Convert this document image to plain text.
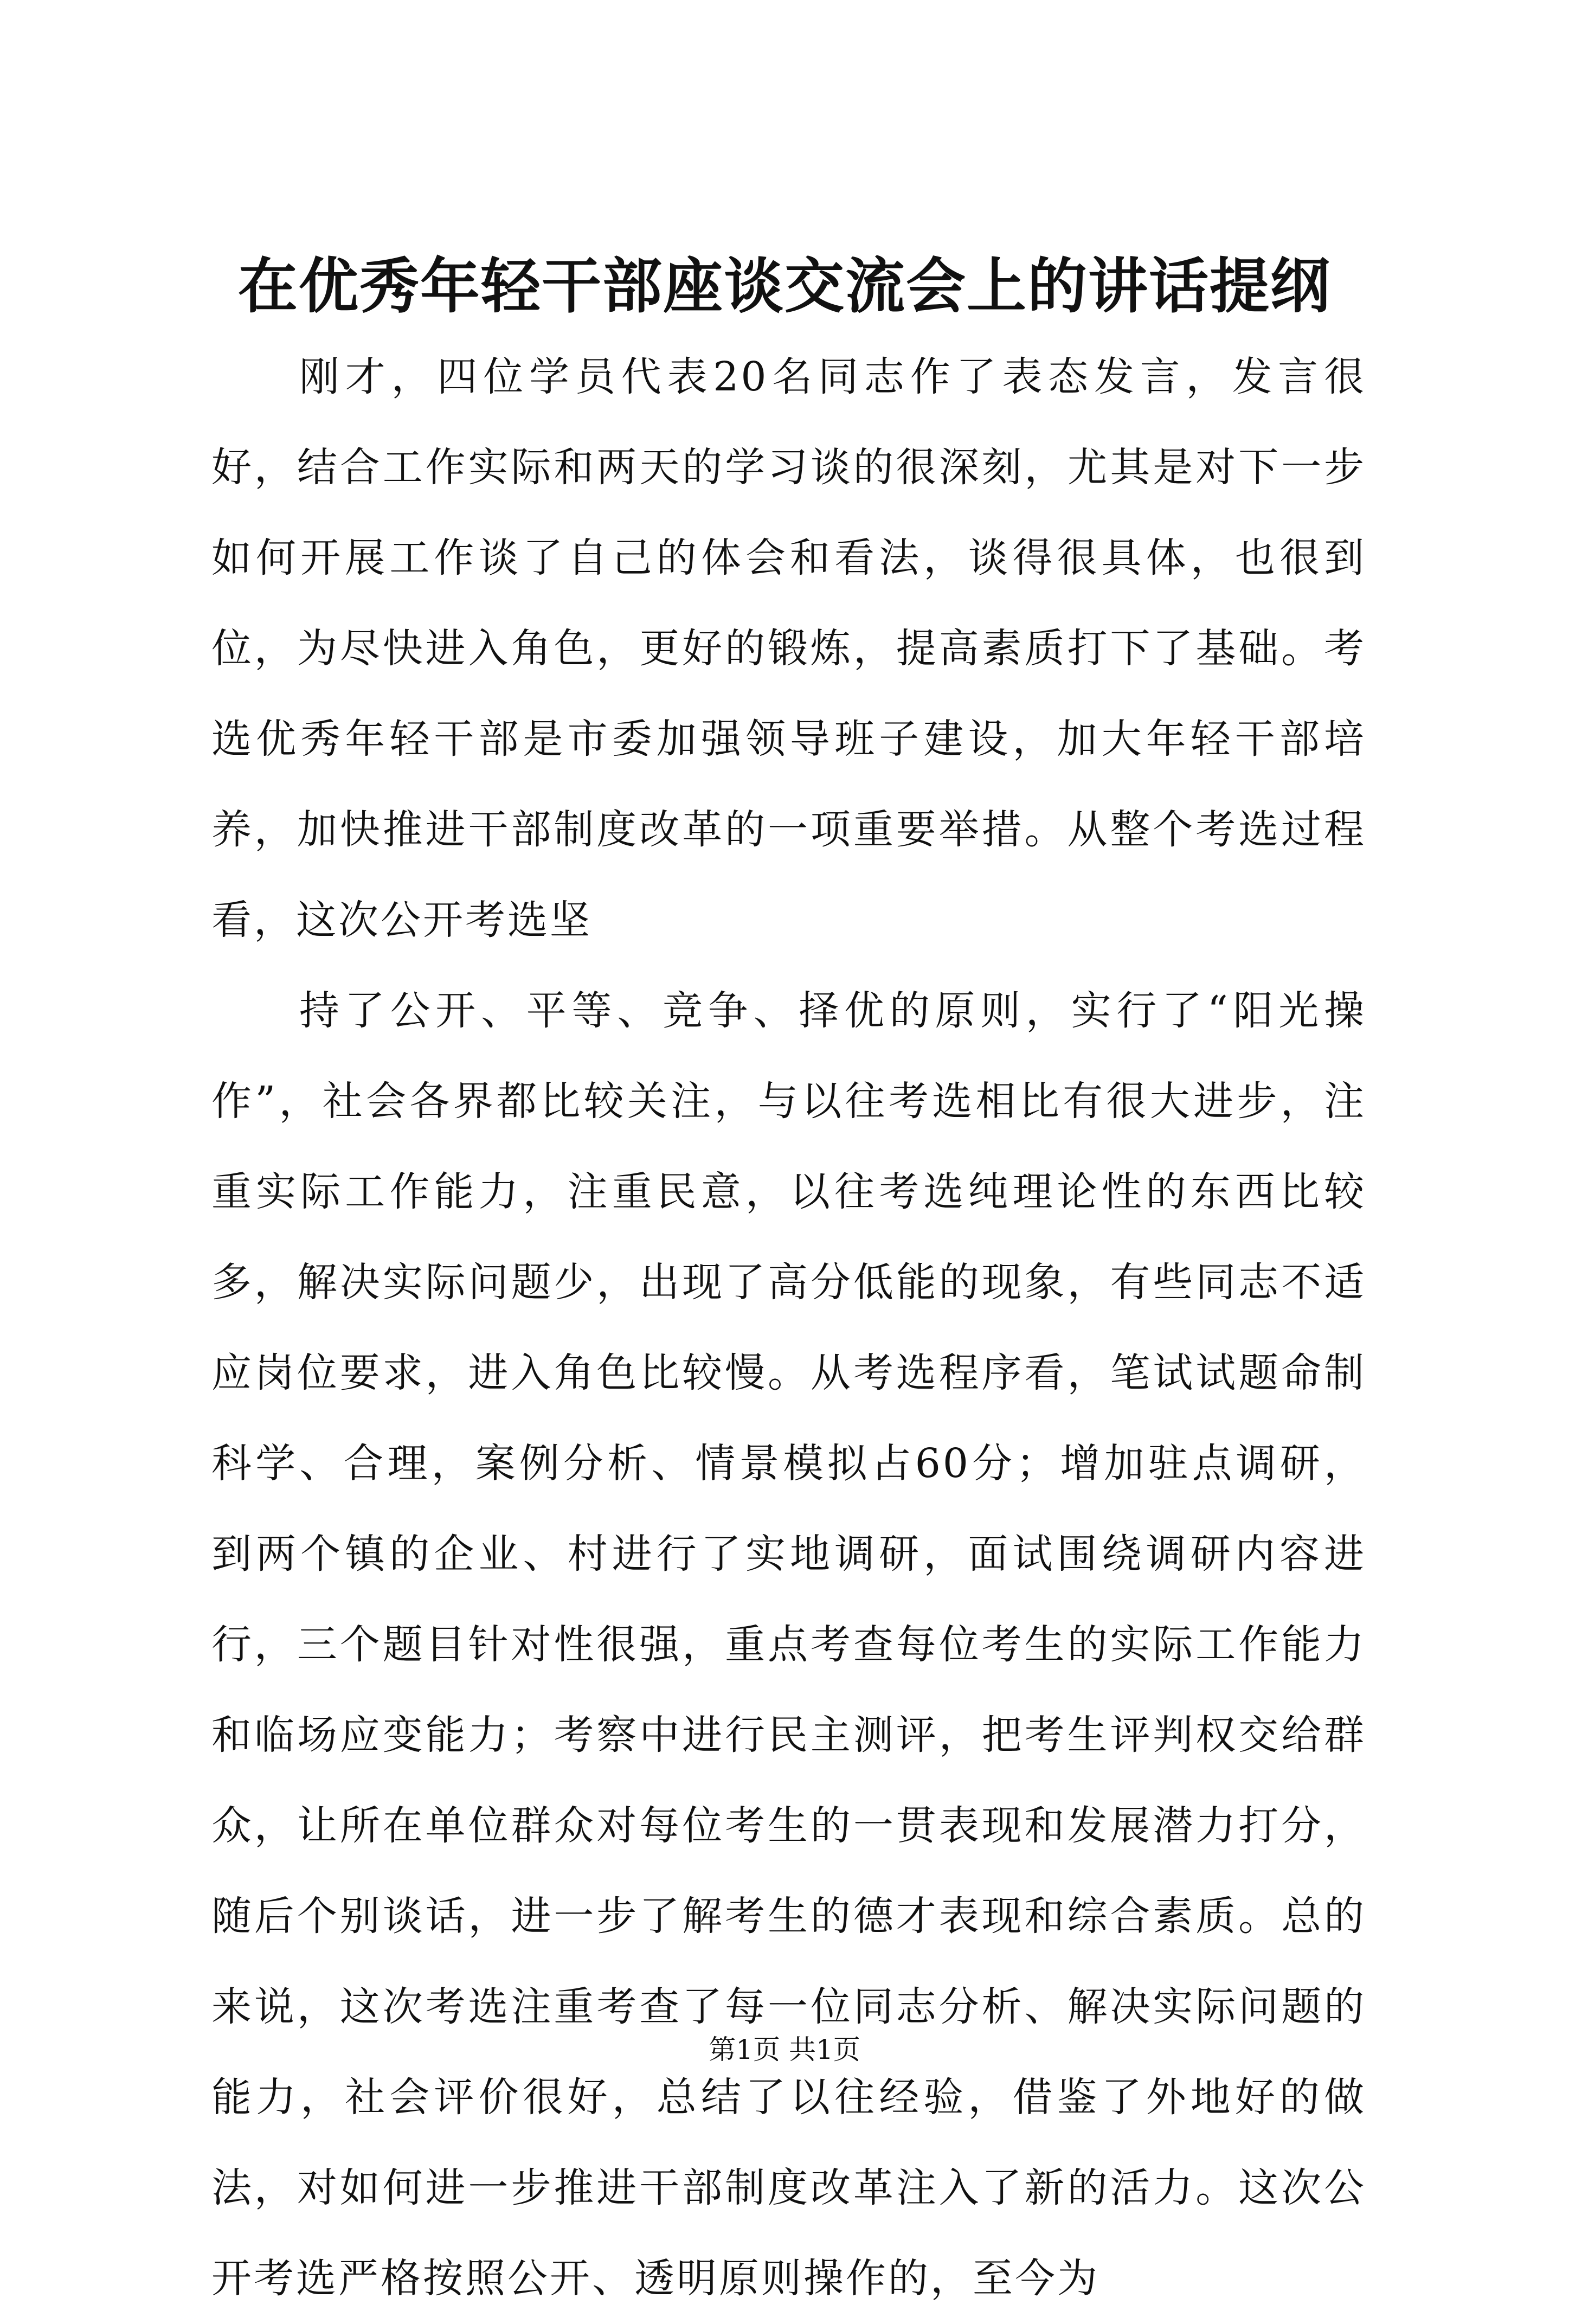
在优秀年轻干部座谈交流会上的讲话提纲

刚才，四位学员代表20名同志作了表态发言，发言很好，结合工作实际和两天的学习谈的很深刻，尤其是对下一步如何开展工作谈了自己的体会和看法，谈得很具体，也很到位，为尽快进入角色，更好的锻炼，提高素质打下了基础。考选优秀年轻干部是市委加强领导班子建设，加大年轻干部培养，加快推进干部制度改革的一项重要举措。从整个考选过程看，这次公开考选坚

持了公开、平等、竞争、择优的原则，实行了“阳光操作”，社会各界都比较关注，与以往考选相比有很大进步，注重实际工作能力，注重民意，以往考选纯理论性的东西比较多，解决实际问题少，出现了高分低能的现象，有些同志不适应岗位要求，进入角色比较慢。从考选程序看，笔试试题命制科学、合理，案例分析、情景模拟占60分；增加驻点调研，到两个镇的企业、村进行了实地调研，面试围绕调研内容进行，三个题目针对性很强，重点考查每位考生的实际工作能力和临场应变能力；考察中进行民主测评，把考生评判权交给群众，让所在单位群众对每位考生的一贯表现和发展潜力打分，随后个别谈话，进一步了解考生的德才表现和综合素质。总的来说，这次考选注重考查了每一位同志分析、解决实际问题的能力，社会评价很好，总结了以往经验，借鉴了外地好的做法，对如何进一步推进干部制度改革注入了新的活力。这次公开考选严格按照公开、透明原则操作的，至今为

第1页 共1页
